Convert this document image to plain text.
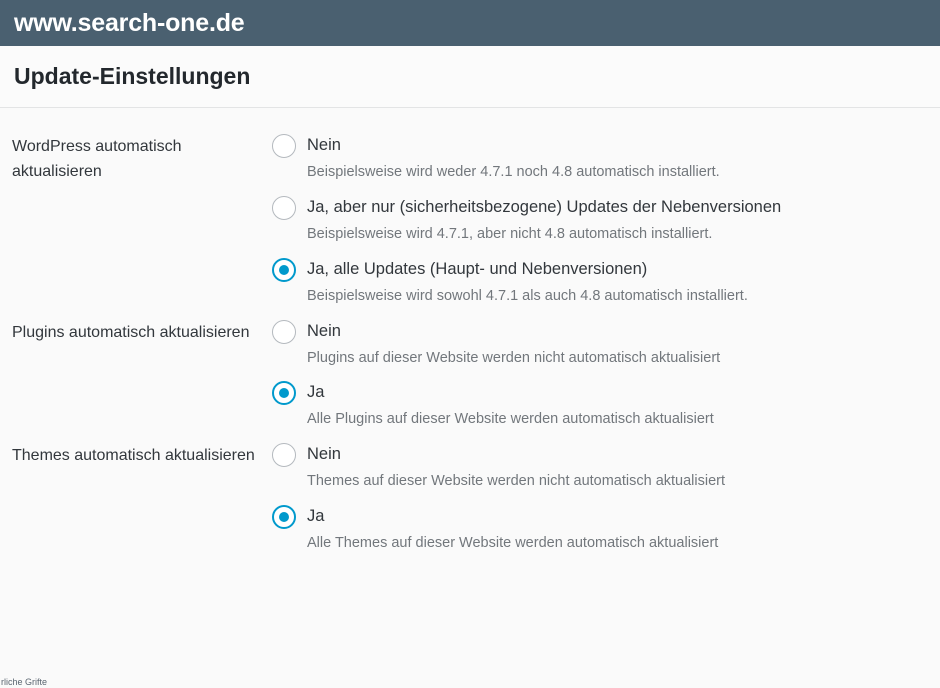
www.search-one.de
Update-Einstellungen
WordPress automatisch aktualisieren
Nein
Beispielsweise wird weder 4.7.1 noch 4.8 automatisch installiert.
Ja, aber nur (sicherheitsbezogene) Updates der Nebenversionen
Beispielsweise wird 4.7.1, aber nicht 4.8 automatisch installiert.
Ja, alle Updates (Haupt- und Nebenversionen)
Beispielsweise wird sowohl 4.7.1 als auch 4.8 automatisch installiert.
Plugins automatisch aktualisieren	Nein
Plugins auf dieser Website werden nicht automatisch aktualisiert
Ja
Alle Plugins auf dieser Website werden automatisch aktualisiert
Themes automatisch aktualisieren	Nein
Themes auf dieser Website werden nicht automatisch aktualisiert
Ja
Alle Themes auf dieser Website werden automatisch aktualisiert
rliche Grifte
